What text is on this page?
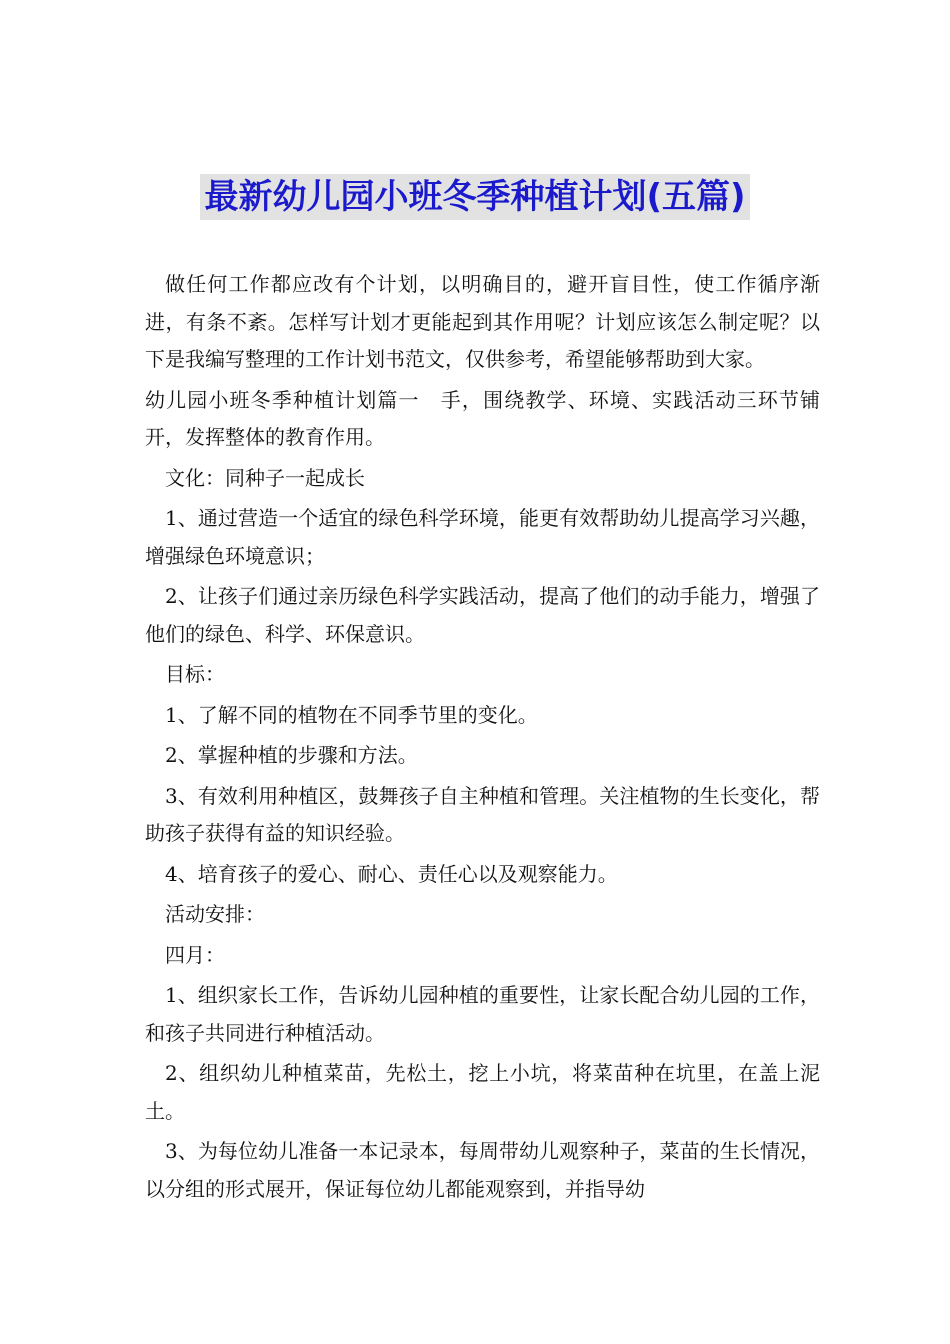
最新幼儿园小班冬季种植计划(五篇)

做任何工作都应改有个计划，以明确目的，避开盲目性，使工作循序渐进，有条不紊。怎样写计划才更能起到其作用呢？计划应该怎么制定呢？以下是我编写整理的工作计划书范文，仅供参考，希望能够帮助到大家。

幼儿园小班冬季种植计划篇一　手，围绕教学、环境、实践活动三环节铺开，发挥整体的教育作用。

文化：同种子一起成长

1、通过营造一个适宜的绿色科学环境，能更有效帮助幼儿提高学习兴趣，增强绿色环境意识；

2、让孩子们通过亲历绿色科学实践活动，提高了他们的动手能力，增强了他们的绿色、科学、环保意识。

目标：

1、了解不同的植物在不同季节里的变化。

2、掌握种植的步骤和方法。

3、有效利用种植区，鼓舞孩子自主种植和管理。关注植物的生长变化，帮助孩子获得有益的知识经验。

4、培育孩子的爱心、耐心、责任心以及观察能力。

活动安排：

四月：

1、组织家长工作，告诉幼儿园种植的重要性，让家长配合幼儿园的工作，和孩子共同进行种植活动。

2、组织幼儿种植菜苗，先松土，挖上小坑，将菜苗种在坑里，在盖上泥土。

3、为每位幼儿准备一本记录本，每周带幼儿观察种子，菜苗的生长情况，以分组的形式展开，保证每位幼儿都能观察到，并指导幼
